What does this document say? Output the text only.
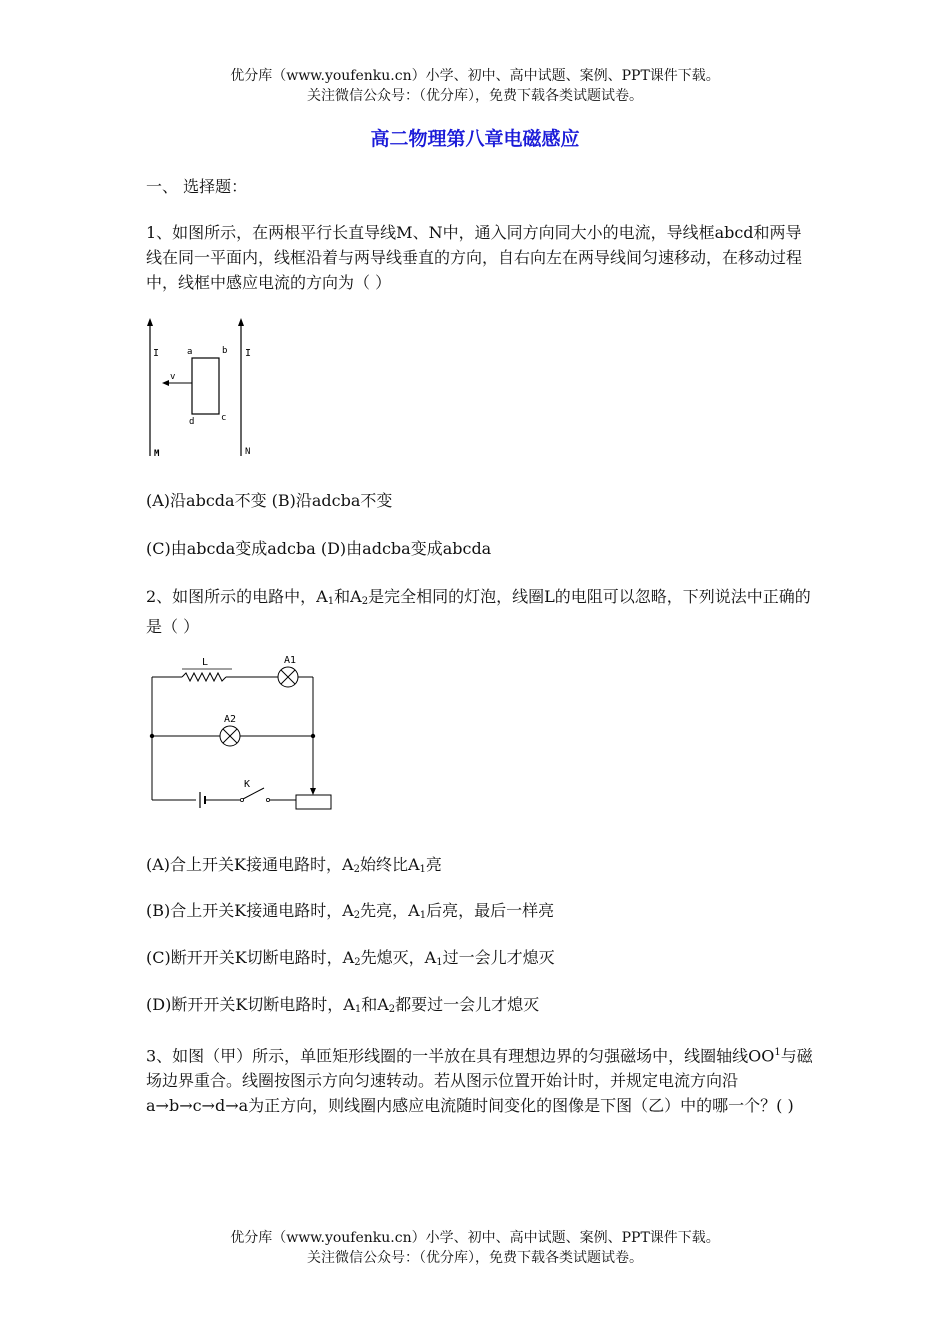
优分库（www.youfenku.cn）小学、初中、高中试题、案例、PPT课件下载。
关注微信公众号：（优分库），免费下载各类试题试卷。
高二物理第八章电磁感应
一、 选择题：
1、如图所示，在两根平行长直导线M、N中，通入同方向同大小的电流，导线框abcd和两导线在同一平面内，线框沿着与两导线垂直的方向，自右向左在两导线间匀速移动，在移动过程中，线框中感应电流的方向为（ ）
I	I
a	b
c
d
v
M	N
(A)沿abcda不变 (B)沿adcba不变
(C)由abcda变成adcba (D)由adcba变成abcda
2、如图所示的电路中，$A_1$和$A_2$是完全相同的灯泡，线圈L的电阻可以忽略，下列说法中正确的是（ ）
L	A1
A2
K
(A)合上开关K接通电路时，$A_2$始终比$A_1$亮
(B)合上开关K接通电路时，$A_2$先亮，$A_1$后亮，最后一样亮
(C)断开开关K切断电路时，$A_2$先熄灭，$A_1$过一会儿才熄灭
(D)断开开关K切断电路时，$A_1$和$A_2$都要过一会儿才熄灭
3、如图（甲）所示，单匝矩形线圈的一半放在具有理想边界的匀强磁场中，线圈轴线$OO^1$与磁场边界重合。线圈按图示方向匀速转动。若从图示位置开始计时，并规定电流方向沿a→b→c→d→a为正方向，则线圈内感应电流随时间变化的图像是下图（乙）中的哪一个？( )
优分库（www.youfenku.cn）小学、初中、高中试题、案例、PPT课件下载。
关注微信公众号：（优分库），免费下载各类试题试卷。
